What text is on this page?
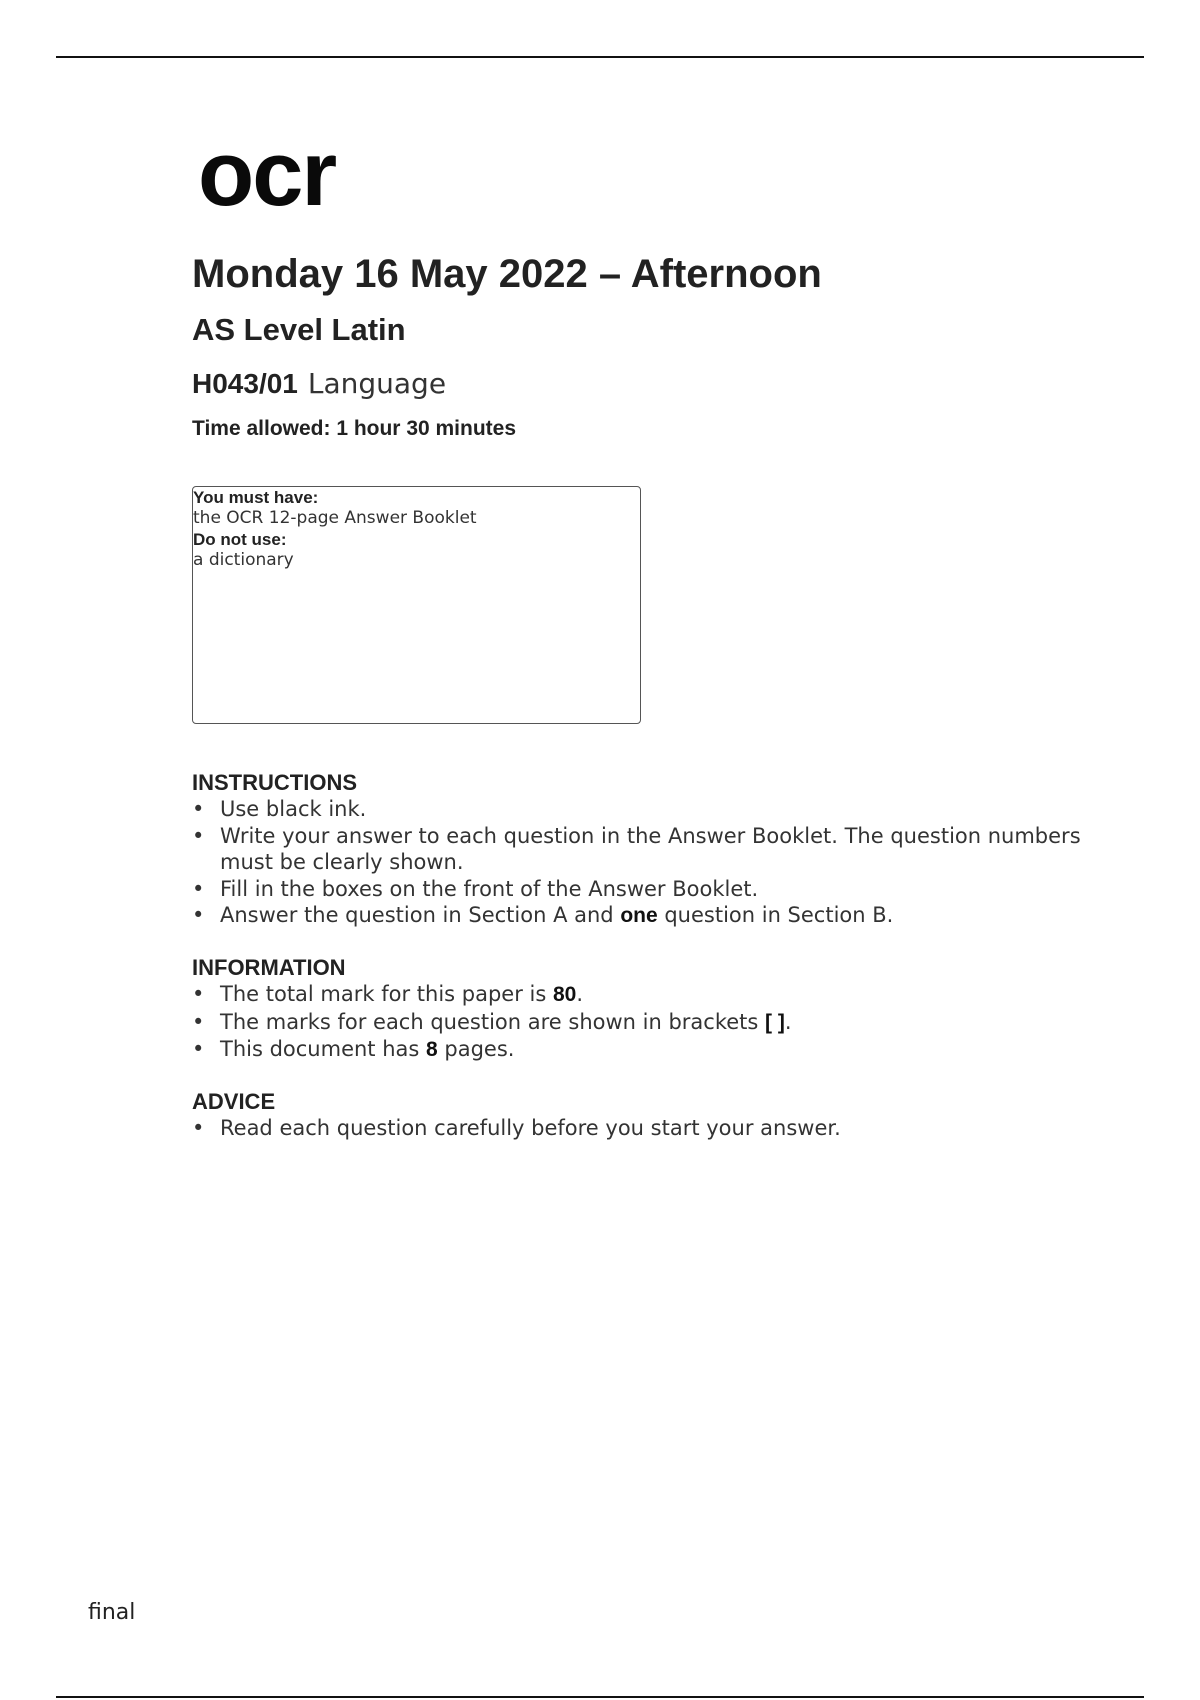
ocr
Monday 16 May 2022 – Afternoon
AS Level Latin
H043/01 Language
Time allowed: 1 hour 30 minutes
You must have:
the OCR 12-page Answer Booklet
Do not use:
a dictionary
INSTRUCTIONS
• Use black ink.
• Write your answer to each question in the Answer Booklet. The question numbers must be clearly shown.
• Fill in the boxes on the front of the Answer Booklet.
• Answer the question in Section A and one question in Section B.
INFORMATION
• The total mark for this paper is 80.
• The marks for each question are shown in brackets [ ].
• This document has 8 pages.
ADVICE
• Read each question carefully before you start your answer.
final
